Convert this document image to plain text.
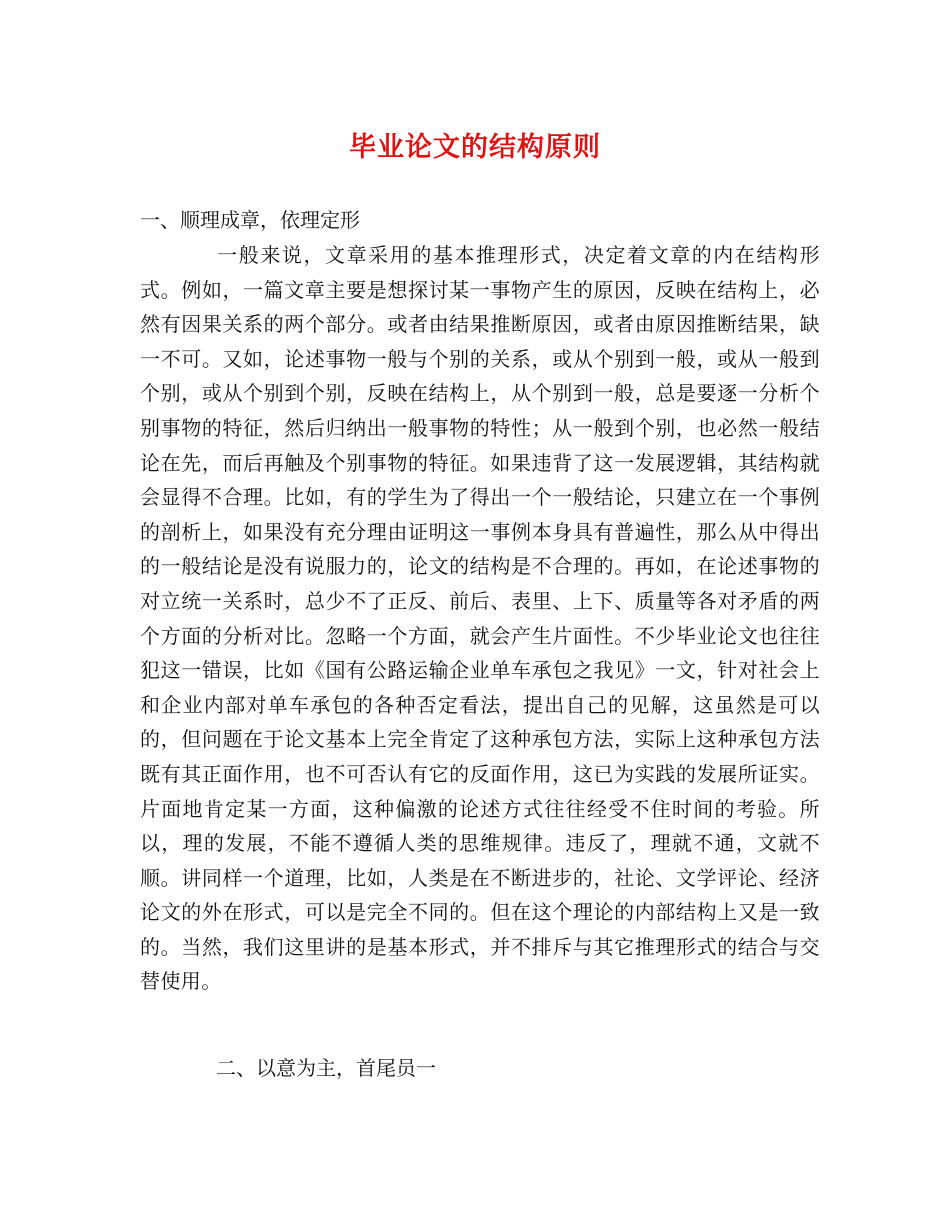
毕业论文的结构原则
一、顺理成章，依理定形

一般来说，文章采用的基本推理形式，决定着文章的内在结构形式。例如，一篇文章主要是想探讨某一事物产生的原因，反映在结构上，必然有因果关系的两个部分。或者由结果推断原因，或者由原因推断结果，缺一不可。又如，论述事物一般与个别的关系，或从个别到一般，或从一般到个别，或从个别到个别，反映在结构上，从个别到一般，总是要逐一分析个别事物的特征，然后归纳出一般事物的特性；从一般到个别，也必然一般结论在先，而后再触及个别事物的特征。如果违背了这一发展逻辑，其结构就会显得不合理。比如，有的学生为了得出一个一般结论，只建立在一个事例的剖析上，如果没有充分理由证明这一事例本身具有普遍性，那么从中得出的一般结论是没有说服力的，论文的结构是不合理的。再如，在论述事物的对立统一关系时，总少不了正反、前后、表里、上下、质量等各对矛盾的两个方面的分析对比。忽略一个方面，就会产生片面性。不少毕业论文也往往犯这一错误，比如《国有公路运输企业单车承包之我见》一文，针对社会上和企业内部对单车承包的各种否定看法，提出自己的见解，这虽然是可以的，但问题在于论文基本上完全肯定了这种承包方法，实际上这种承包方法既有其正面作用，也不可否认有它的反面作用，这已为实践的发展所证实。片面地肯定某一方面，这种偏激的论述方式往往经受不住时间的考验。所以，理的发展，不能不遵循人类的思维规律。违反了，理就不通，文就不顺。讲同样一个道理，比如，人类是在不断进步的，社论、文学评论、经济论文的外在形式，可以是完全不同的。但在这个理论的内部结构上又是一致的。当然，我们这里讲的是基本形式，并不排斥与其它推理形式的结合与交替使用。

二、以意为主，首尾员一
